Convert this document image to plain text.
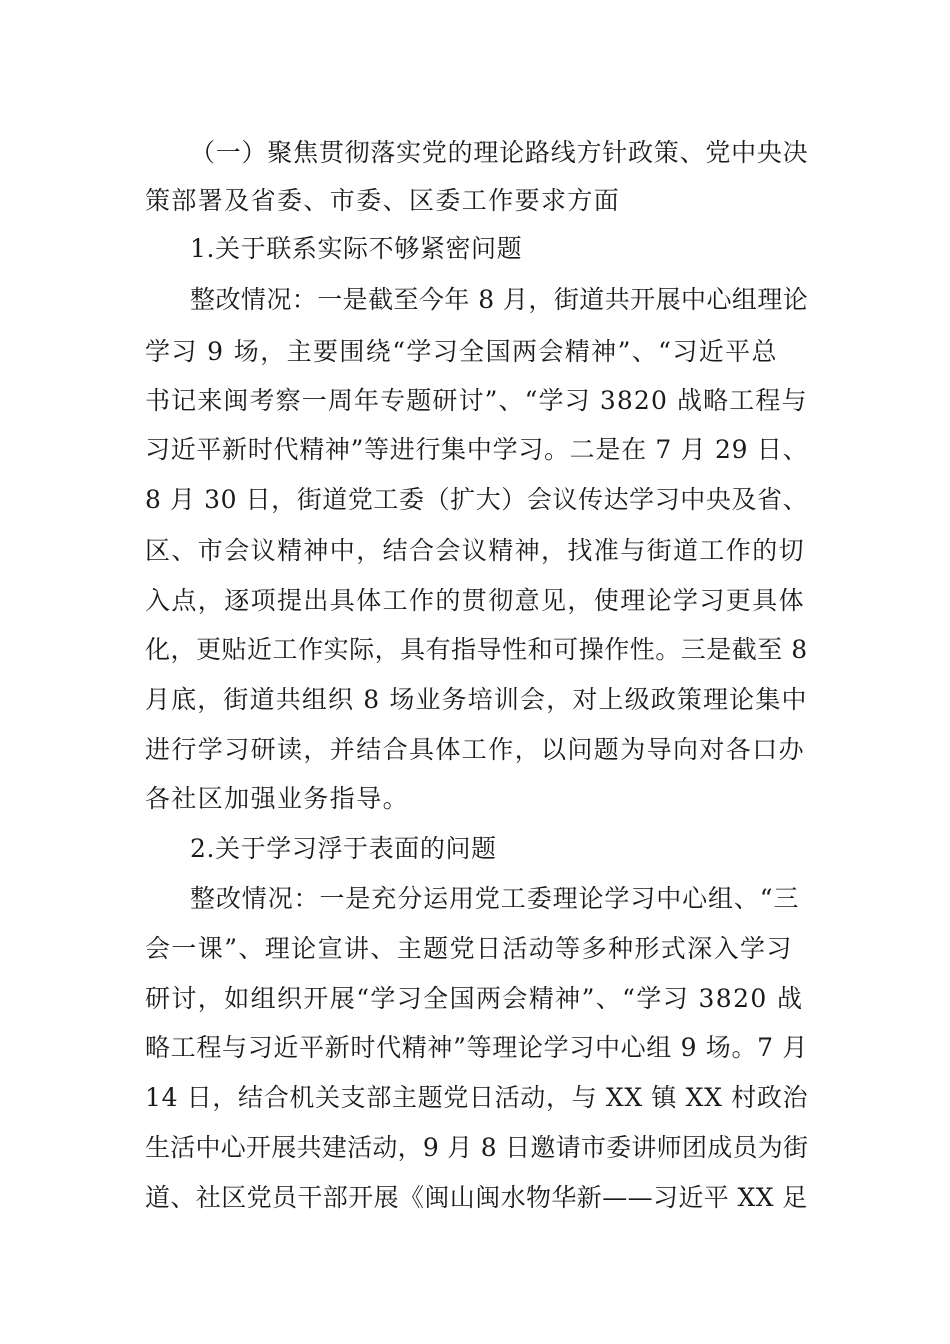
（一）聚焦贯彻落实党的理论路线方针政策、党中央决
策部署及省委、市委、区委工作要求方面
1.关于联系实际不够紧密问题
整改情况：一是截至今年 8 月，街道共开展中心组理论
学习 9 场，主要围绕“学习全国两会精神”、“习近平总
书记来闽考察一周年专题研讨”、“学习 3820 战略工程与
习近平新时代精神”等进行集中学习。二是在 7 月 29 日、
8 月 30 日，街道党工委（扩大）会议传达学习中央及省、
区、市会议精神中，结合会议精神，找准与街道工作的切
入点，逐项提出具体工作的贯彻意见，使理论学习更具体
化，更贴近工作实际，具有指导性和可操作性。三是截至 8
月底，街道共组织 8 场业务培训会，对上级政策理论集中
进行学习研读，并结合具体工作，以问题为导向对各口办
各社区加强业务指导。
2.关于学习浮于表面的问题
整改情况：一是充分运用党工委理论学习中心组、“三
会一课”、理论宣讲、主题党日活动等多种形式深入学习
研讨，如组织开展“学习全国两会精神”、“学习 3820 战
略工程与习近平新时代精神”等理论学习中心组 9 场。7 月
14 日，结合机关支部主题党日活动，与 XX 镇 XX 村政治
生活中心开展共建活动，9 月 8 日邀请市委讲师团成员为街
道、社区党员干部开展《闽山闽水物华新——习近平 XX 足
